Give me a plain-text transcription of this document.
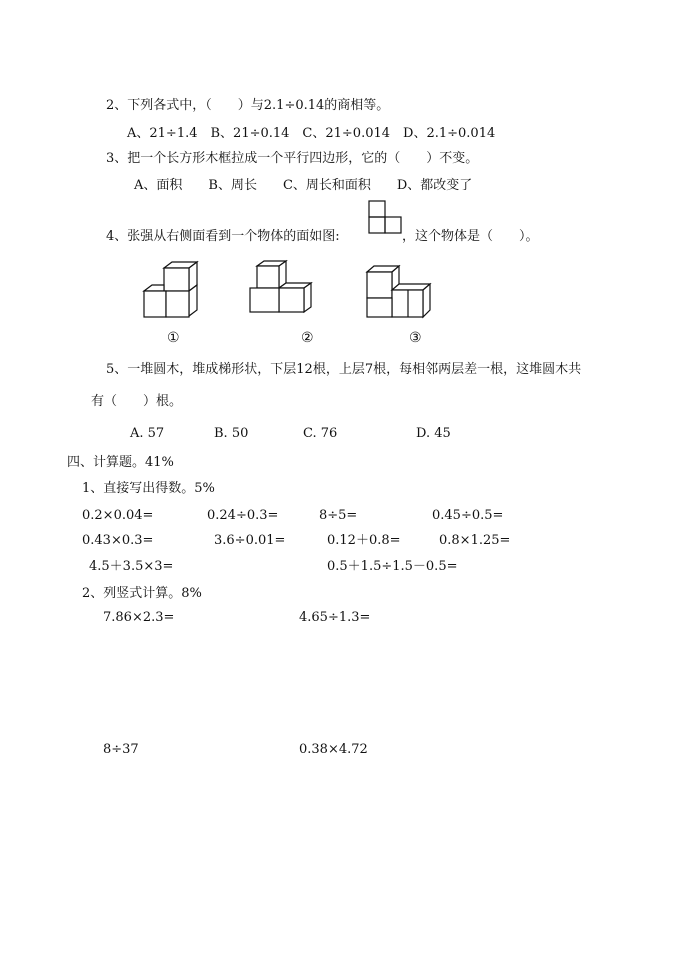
2、下列各式中，（　　）与2.1÷0.14的商相等。
A、21÷1.4　B、21÷0.14　C、21÷0.014　D、2.1÷0.014
3、把一个长方形木框拉成一个平行四边形，它的（　　）不变。
A、面积　　B、周长　　C、周长和面积　　D、都改变了
4、张强从右侧面看到一个物体的面如图:	，这个物体是（　　）。
①	②	③
5、一堆圆木，堆成梯形状，下层12根，上层7根，每相邻两层差一根，这堆圆木共
有（　　）根。
A. 57	B. 50	C. 76	D. 45
四、计算题。41%
1、直接写出得数。5%
0.2×0.04=	0.24÷0.3=	8÷5=	0.45÷0.5=
0.43×0.3=	3.6÷0.01=	0.12＋0.8=	0.8×1.25=
4.5＋3.5×3=	0.5＋1.5÷1.5－0.5=
2、列竖式计算。8%
7.86×2.3=	4.65÷1.3=
8÷37	0.38×4.72
